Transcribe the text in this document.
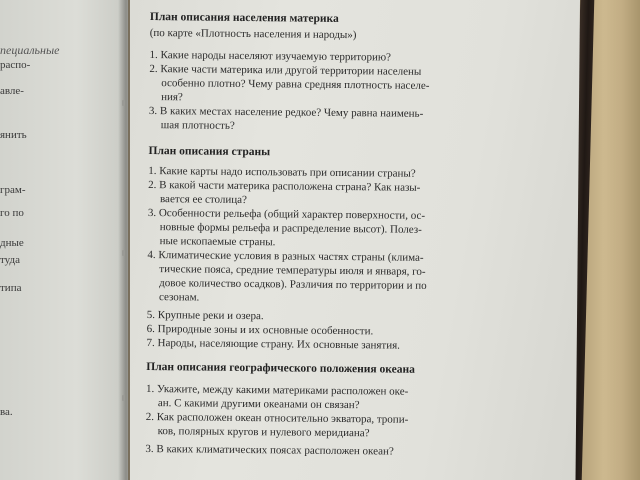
пециальные
распо-
авле-
янить
грам-
го по
дные
туда
типа
ва.
План описания населения материка
(по карте «Плотность населения и народы»)
1. Какие народы населяют изучаемую территорию?
2. Какие части материка или другой территории населены
особенно плотно? Чему равна средняя плотность населе-
ния?
3. В каких местах население редкое? Чему равна наимень-
шая плотность?
План описания страны
1. Какие карты надо использовать при описании страны?
2. В какой части материка расположена страна? Как назы-
вается ее столица?
3. Особенности рельефа (общий характер поверхности, ос-
новные формы рельефа и распределение высот). Полез-
ные ископаемые страны.
4. Климатические условия в разных частях страны (клима-
тические пояса, средние температуры июля и января, го-
довое количество осадков). Различия по территории и по
сезонам.
5. Крупные реки и озера.
6. Природные зоны и их основные особенности.
7. Народы, населяющие страну. Их основные занятия.
План описания географического положения океана
1. Укажите, между какими материками расположен оке-
ан. С какими другими океанами он связан?
2. Как расположен океан относительно экватора, тропи-
ков, полярных кругов и нулевого меридиана?
3. В каких климатических поясах расположен океан?
